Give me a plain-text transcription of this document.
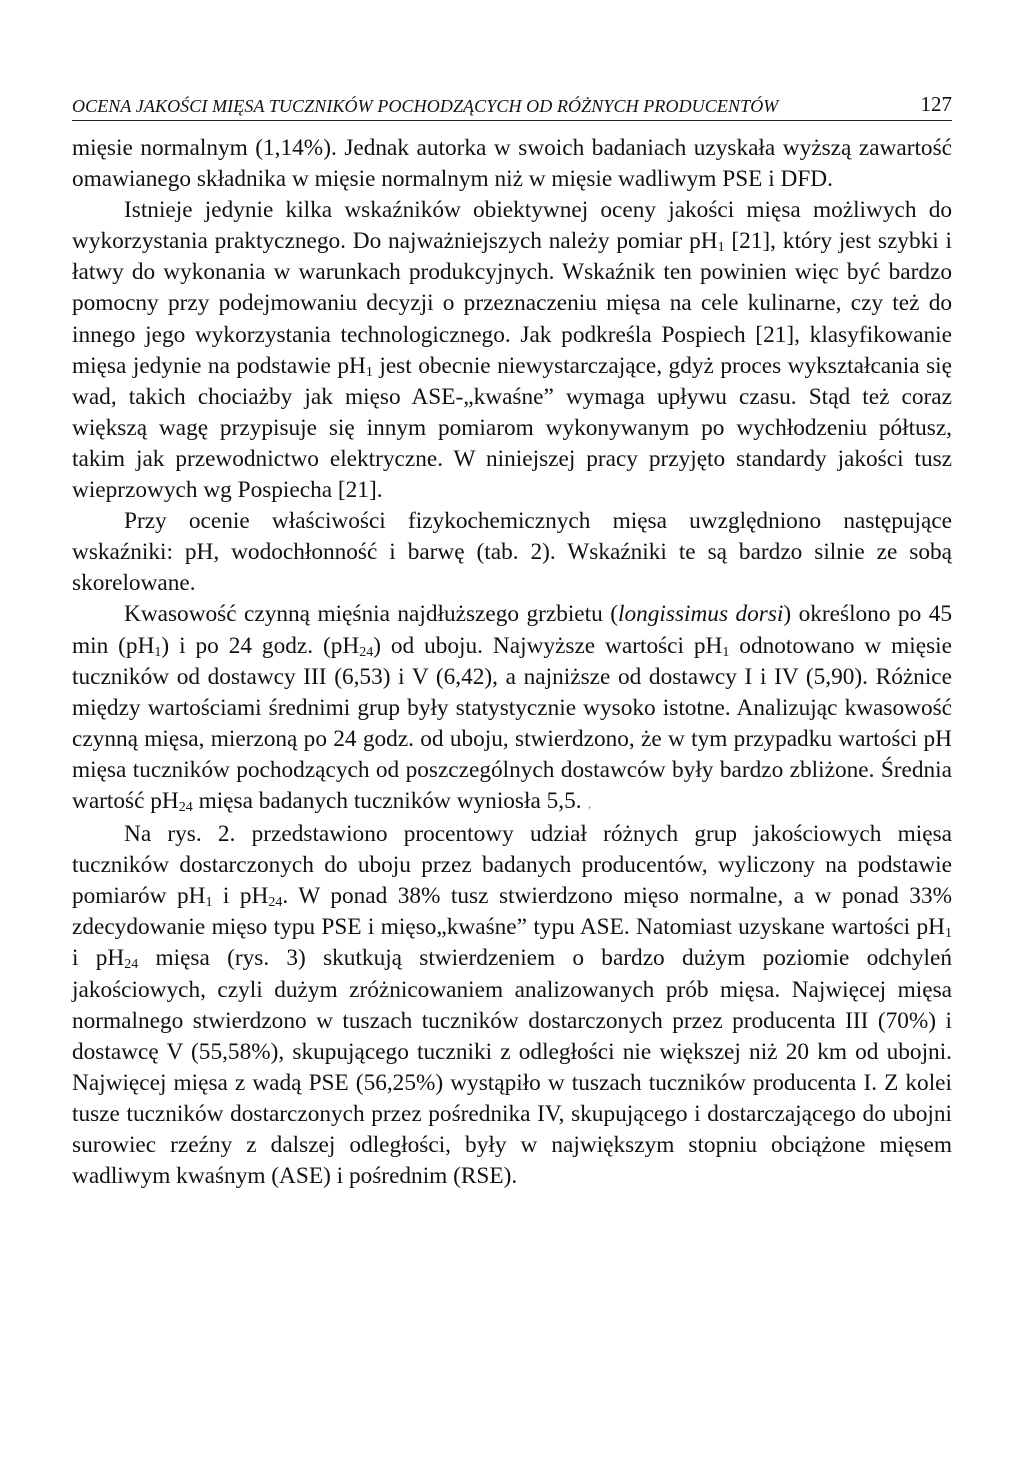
OCENA JAKOŚCI MIĘSA TUCZNIKÓW POCHODZĄCYCH OD RÓŻNYCH PRODUCENTÓW	127

mięsie normalnym (1,14%). Jednak autorka w swoich badaniach uzyskała wyższą zawartość omawianego składnika w mięsie normalnym niż w mięsie wadliwym PSE i DFD.

Istnieje jedynie kilka wskaźników obiektywnej oceny jakości mięsa możliwych do wykorzystania praktycznego. Do najważniejszych należy pomiar $pH_1$ [21], który jest szybki i łatwy do wykonania w warunkach produkcyjnych. Wskaźnik ten powinien więc być bardzo pomocny przy podejmowaniu decyzji o przeznaczeniu mięsa na cele kulinarne, czy też do innego jego wykorzystania technologicznego. Jak podkreśla Pospiech [21], klasyfikowanie mięsa jedynie na podstawie $pH_1$ jest obecnie niewystarczające, gdyż proces wykształcania się wad, takich chociażby jak mięso ASE-„kwaśne” wymaga upływu czasu. Stąd też coraz większą wagę przypisuje się innym pomiarom wykonywanym po wychłodzeniu półtusz, takim jak przewodnictwo elektryczne. W niniejszej pracy przyjęto standardy jakości tusz wieprzowych wg Pospiecha [21].

Przy ocenie właściwości fizykochemicznych mięsa uwzględniono następujące wskaźniki: pH, wodochłonność i barwę (tab. 2). Wskaźniki te są bardzo silnie ze sobą skorelowane.

Kwasowość czynną mięśnia najdłuższego grzbietu (longissimus dorsi) określono po 45 $\min (pH_1)$ i po 24 godz. $(pH_{24})$ od uboju. Najwyższe wartości $pH_1$ odnotowano w mięsie tuczników od dostawcy III (6,53) i V (6,42), a najniższe od dostawcy I i IV (5,90). Różnice między wartościami średnimi grup były statystycznie wysoko istotne. Analizując kwasowość czynną mięsa, mierzoną po 24 godz. od uboju, stwierdzono, że w tym przypadku wartości pH mięsa tuczników pochodzących od poszczególnych dostawców były bardzo zbliżone. Średnia wartość $pH_{24}$ mięsa badanych tuczników wyniosła 5,5. ‚

Na rys. 2. przedstawiono procentowy udział różnych grup jakościowych mięsa tuczników dostarczonych do uboju przez badanych producentów, wyliczony na podstawie pomiarów $pH_1$ i $pH_{24}$. W ponad 38% tusz stwierdzono mięso normalne, a w ponad 33% zdecydowanie mięso typu PSE i mięso„kwaśne” typu ASE. Natomiast uzyskane wartości $pH_1$ i $pH_{24}$ mięsa (rys. 3) skutkują stwierdzeniem o bardzo dużym poziomie odchyleń jakościowych, czyli dużym zróżnicowaniem analizowanych prób mięsa. Najwięcej mięsa normalnego stwierdzono w tuszach tuczników dostarczonych przez producenta III (70%) i dostawcę V (55,58%), skupującego tuczniki z odległości nie większej niż 20 km od ubojni. Najwięcej mięsa z wadą PSE (56,25%) wystąpiło w tuszach tuczników producenta I. Z kolei tusze tuczników dostarczonych przez pośrednika IV, skupującego i dostarczającego do ubojni surowiec rzeźny z dalszej odległości, były w największym stopniu obciążone mięsem wadliwym kwaśnym (ASE) i pośrednim (RSE).
